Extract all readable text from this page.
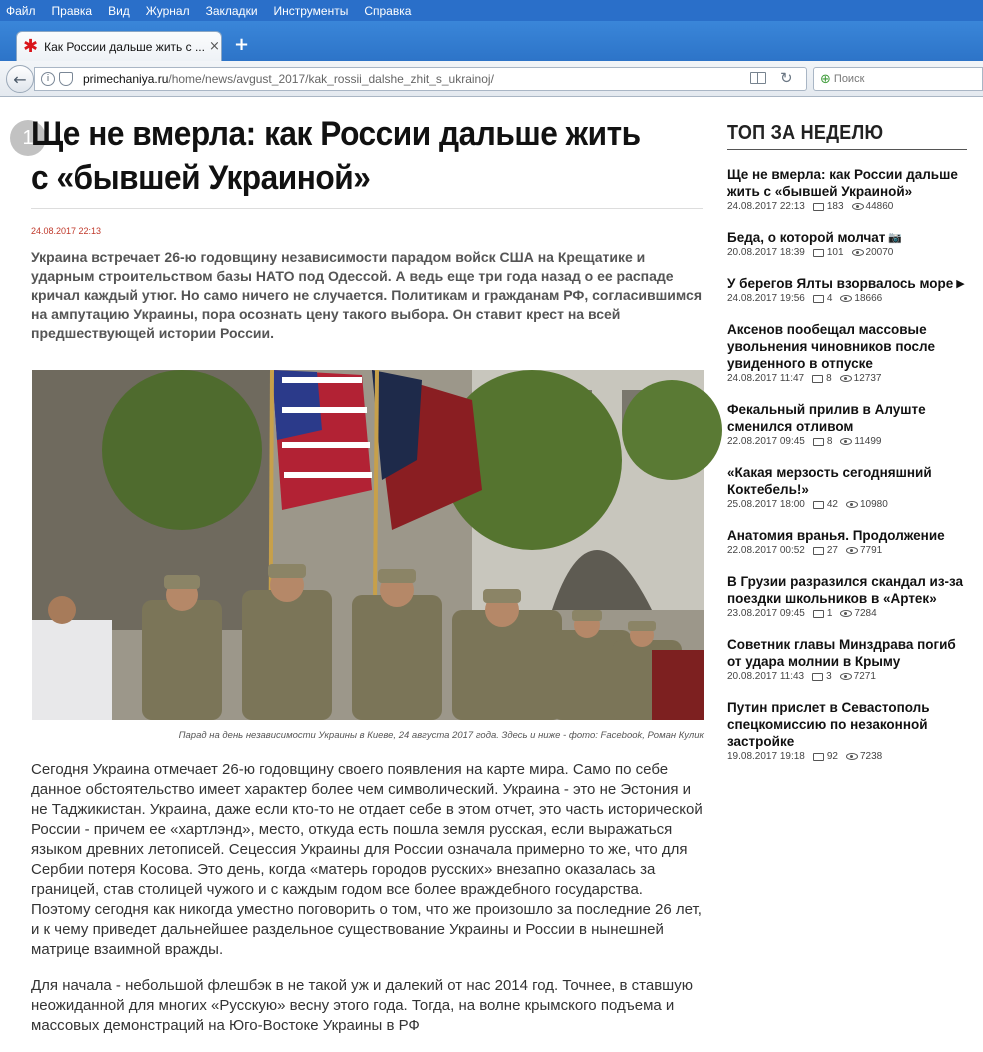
Файл Правка Вид Журнал Закладки Инструменты Справка
✱ Как России дальше жить с ... × +
←	i	primechaniya.ru/home/news/avgust_2017/kak_rossii_dalshe_zhit_s_ukrainoj/	↻ ⊕ Поиск
1
Ще не вмерла: как России дальше жить с «бывшей Украиной»
24.08.2017 22:13
Украина встречает 26-ю годовщину независимости парадом войск США на Крещатике и ударным строительством базы НАТО под Одессой. А ведь еще три года назад о ее распаде кричал каждый утюг. Но само ничего не случается. Политикам и гражданам РФ, согласившимся на ампутацию Украины, пора осознать цену такого выбора. Он ставит крест на всей предшествующей истории России.
Парад на день независимости Украины в Киеве, 24 августа 2017 года. Здесь и ниже - фото: Facebook, Роман Кулик

Сегодня Украина отмечает 26-ю годовщину своего появления на карте мира. Само по себе данное обстоятельство имеет характер более чем символический. Украина - это не Эстония и не Таджикистан. Украина, даже если кто-то не отдает себе в этом отчет, это часть исторической России - причем ее «хартлэнд», место, откуда есть пошла земля русская, если выражаться языком древних летописей. Сецессия Украины для России означала примерно то же, что для Сербии потеря Косова. Это день, когда «матерь городов русских» внезапно оказалась за границей, став столицей чужого и с каждым годом все более враждебного государства. Поэтому сегодня как никогда уместно поговорить о том, что же произошло за последние 26 лет, и к чему приведет дальнейшее раздельное существование Украины и России в нынешней матрице взаимной вражды.

Для начала - небольшой флешбэк в не такой уж и далекий от нас 2014 год. Точнее, в ставшую неожиданной для многих «Русскую» весну этого года. Тогда, на волне крымского подъема и массовых демонстраций на Юго-Востоке Украины в РФ

ТОП ЗА НЕДЕЛЮ
Ще не вмерла: как России дальше жить с «бывшей Украиной»
24.08.2017 22:13 183 44860
Беда, о которой молчат 📷
20.08.2017 18:39 101 20070
У берегов Ялты взорвалось море ▶
24.08.2017 19:56 4 18666
Аксенов пообещал массовые увольнения чиновников после увиденного в отпуске
24.08.2017 11:47 8 12737
Фекальный прилив в Алуште сменился отливом
22.08.2017 09:45 8 11499
«Какая мерзость сегодняшний Коктебель!»
25.08.2017 18:00 42 10980
Анатомия вранья. Продолжение
22.08.2017 00:52 27 7791
В Грузии разразился скандал из-за поездки школьников в «Артек»
23.08.2017 09:45 1 7284
Советник главы Минздрава погиб от удара молнии в Крыму
20.08.2017 11:43 3 7271
Путин прислет в Севастополь спецкомиссию по незаконной застройке
19.08.2017 19:18 92 7238
